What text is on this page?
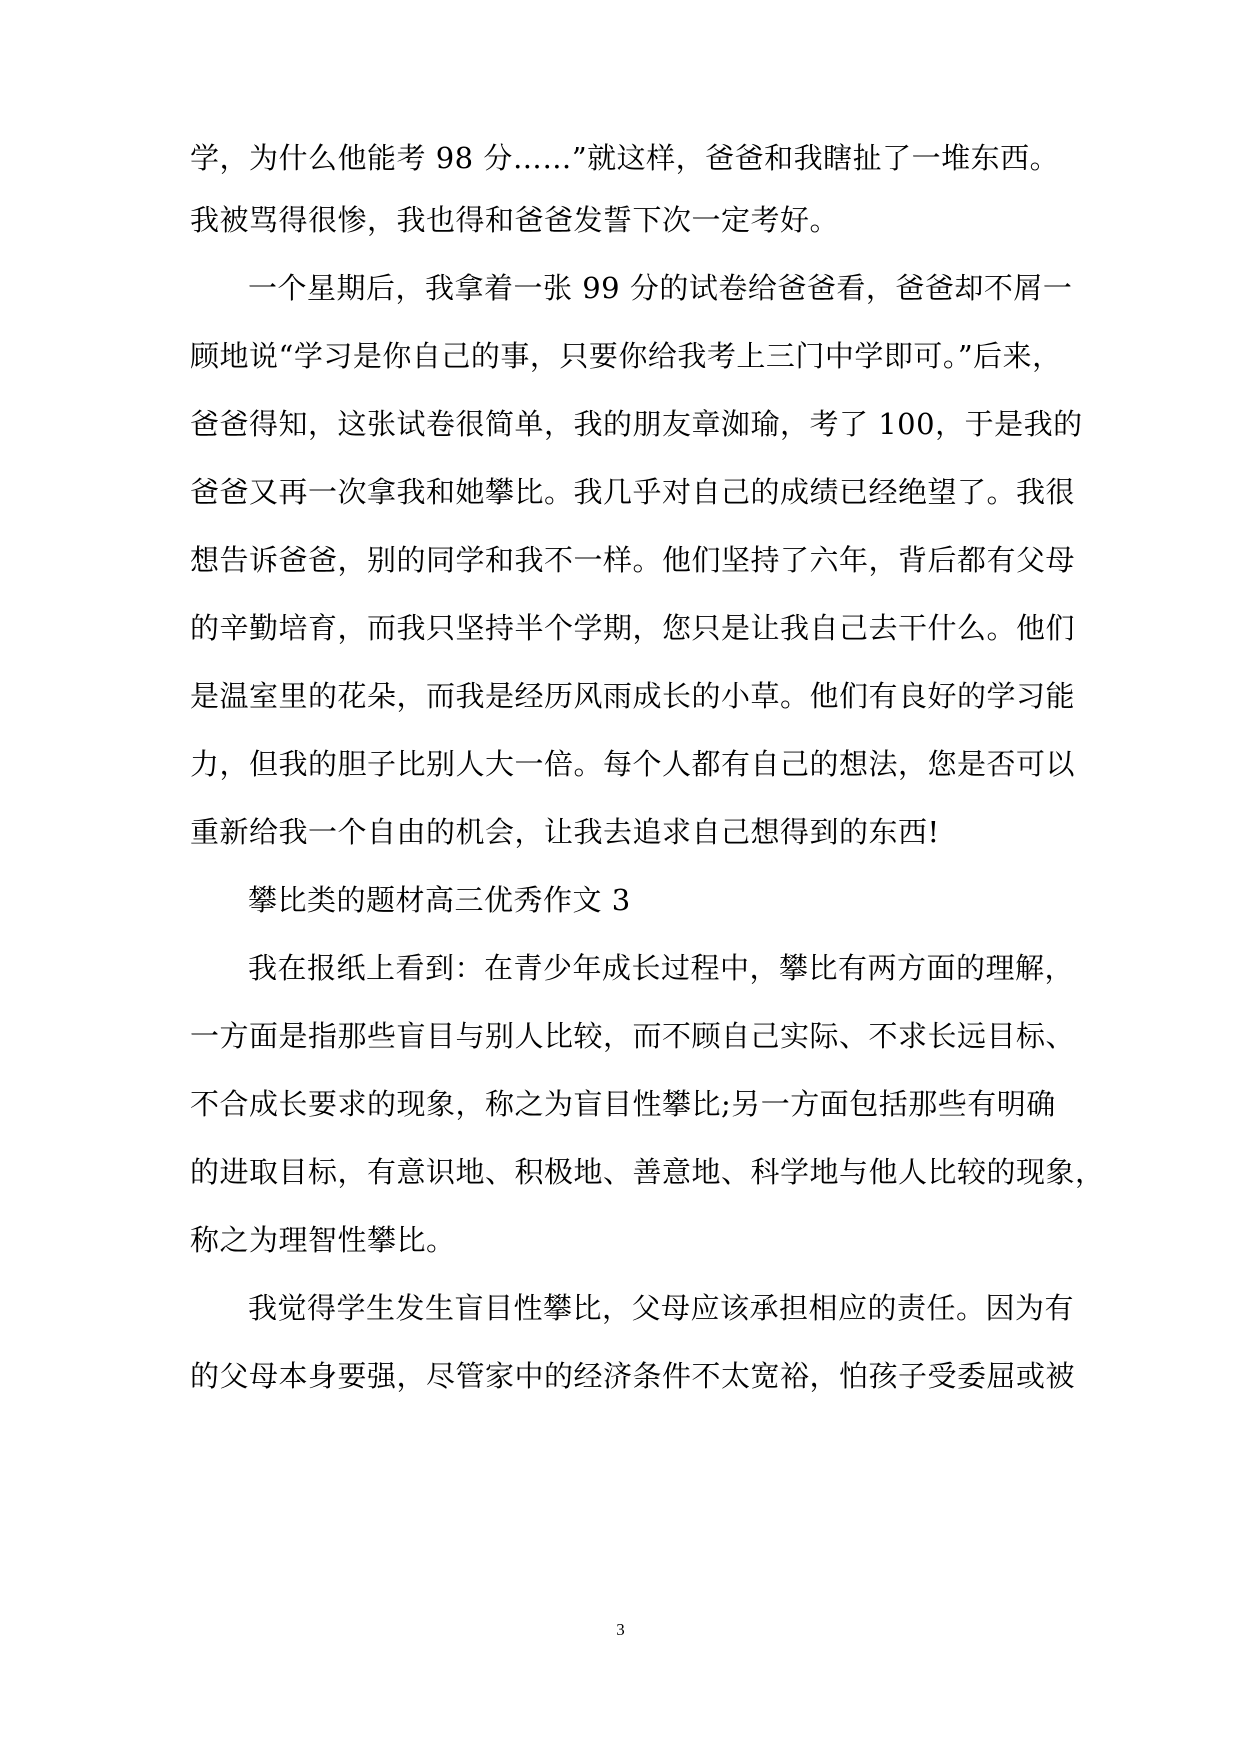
学，为什么他能考 98 分……”就这样，爸爸和我瞎扯了一堆东西。
我被骂得很惨，我也得和爸爸发誓下次一定考好。
一个星期后，我拿着一张 99 分的试卷给爸爸看，爸爸却不屑一
顾地说“学习是你自己的事，只要你给我考上三门中学即可。”后来，
爸爸得知，这张试卷很简单，我的朋友章洳瑜，考了 100，于是我的
爸爸又再一次拿我和她攀比。我几乎对自己的成绩已经绝望了。我很
想告诉爸爸，别的同学和我不一样。他们坚持了六年，背后都有父母
的辛勤培育，而我只坚持半个学期，您只是让我自己去干什么。他们
是温室里的花朵，而我是经历风雨成长的小草。他们有良好的学习能
力，但我的胆子比别人大一倍。每个人都有自己的想法，您是否可以
重新给我一个自由的机会，让我去追求自己想得到的东西!
攀比类的题材高三优秀作文 3
我在报纸上看到：在青少年成长过程中，攀比有两方面的理解，
一方面是指那些盲目与别人比较，而不顾自己实际、不求长远目标、
不合成长要求的现象，称之为盲目性攀比;另一方面包括那些有明确
的进取目标，有意识地、积极地、善意地、科学地与他人比较的现象，
称之为理智性攀比。
我觉得学生发生盲目性攀比，父母应该承担相应的责任。因为有
的父母本身要强，尽管家中的经济条件不太宽裕，怕孩子受委屈或被
3
